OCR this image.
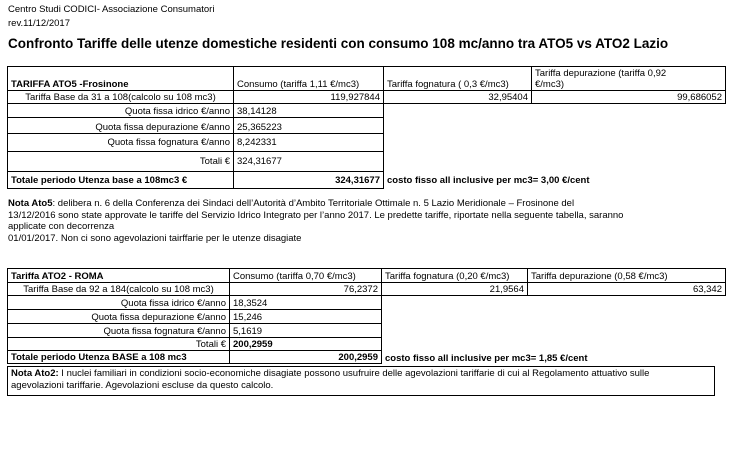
Centro Studi CODICI- Associazione Consumatori
rev.11/12/2017
Confronto Tariffe delle utenze domestiche residenti con consumo 108 mc/anno tra ATO5 vs ATO2 Lazio
TARIFFA ATO5 -Frosinone	Consumo (tariffa 1,11 €/mc3)	Tariffa fognatura ( 0,3 €/mc3)	Tariffa depurazione (tariffa 0,92
€/mc3)
Tariffa Base da 31 a 108(calcolo su 108 mc3)	119,927844	32,95404	99,686052
Quota fissa idrico €/anno	38,14128		
Quota fissa depurazione €/anno	25,365223		
Quota fissa fognatura €/anno	8,242331		
Totali €	324,31677		
Totale periodo Utenza base a 108mc3 €	324,31677	costo fisso all inclusive per mc3= 3,00 €/cent	
Nota Ato5: delibera n. 6 della Conferenza dei Sindaci dell’Autorità d’Ambito Territoriale Ottimale n. 5 Lazio Meridionale – Frosinone del
13/12/2016 sono state approvate le tariffe del Servizio Idrico Integrato per l’anno 2017. Le predette tariffe, riportate nella seguente tabella, saranno
applicate con decorrenza
01/01/2017. Non ci sono agevolazioni tairffarie per le utenze disagiate
Tariffa ATO2 - ROMA	Consumo (tariffa 0,70 €/mc3)	Tariffa fognatura (0,20 €/mc3)	Tariffa depurazione (0,58 €/mc3)
Tariffa Base da 92 a 184(calcolo su 108 mc3)	76,2372	21,9564	63,342
Quota fissa idrico €/anno	18,3524		
Quota fissa depurazione €/anno	15,246		
Quota fissa fognatura €/anno	5,1619		
Totali €	200,2959		
Totale periodo Utenza BASE a 108 mc3	200,2959	costo fisso all inclusive per mc3= 1,85 €/cent	
Nota Ato2: I nuclei familiari in condizioni socio-economiche disagiate possono usufruire delle agevolazioni tariffarie di cui al Regolamento attuativo sulle
agevolazioni tariffarie. Agevolazioni escluse da questo calcolo.
